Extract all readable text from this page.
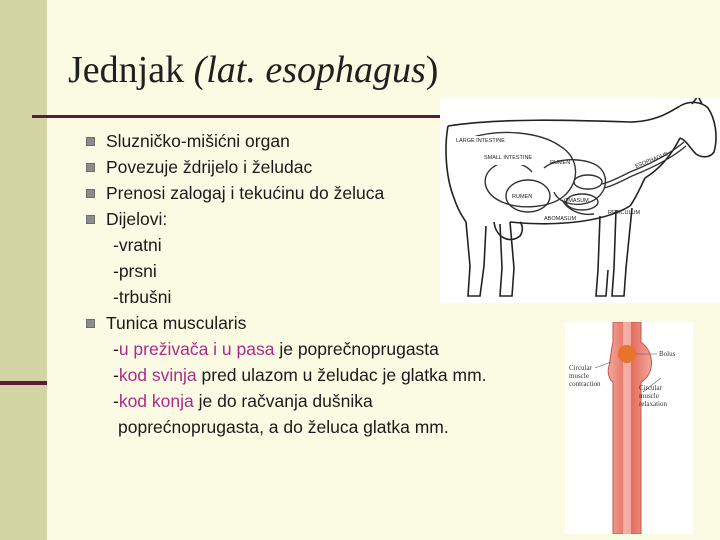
Jednjak (lat. esophagus)
Sluzničko-mišićni organ
Povezuje ždrijelo i želudac
Prenosi zalogaj i tekućinu do želuca
Dijelovi:
-vratni
-prsni
-trbušni
Tunica muscularis
-u preživača i u pasa je poprečnoprugasta
-kod svinja pred ulazom u želudac je glatka mm.
-kod konja je do račvanja dušnika
poprećnoprugasta, a do želuca glatka mm.
LARGE INTESTINE
SMALL INTESTINE
RUMEN	ESOPHAGUS
RUMEN
OMASUM
ABOMASUM
RETICULUM
Bolus
Circular
muscle
contraction	Circular
muscle
relaxation
